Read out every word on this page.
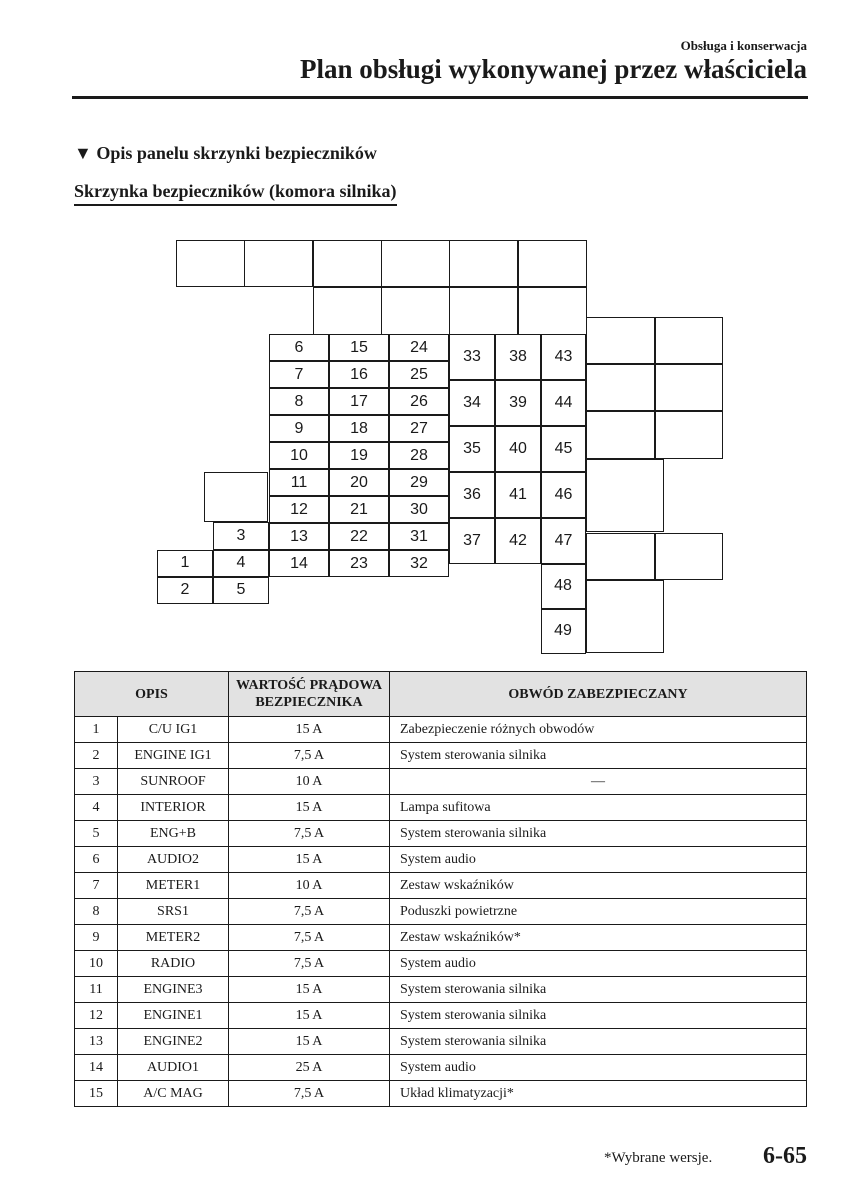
Obsługa i konserwacja
Plan obsługi wykonywanej przez właściciela
▼ Opis panelu skrzynki bezpieczników
Skrzynka bezpieczników (komora silnika)
1
2
3
4
5
6
7
8
9
10
11
12
13
14
15
16
17
18
19
20
21
22
23
24
25
26
27
28
29
30
31
32
33
34
35
36
37
38
39
40
41
42
43
44
45
46
47
48
49
OPIS		WARTOŚĆ PRĄDOWA
BEZPIECZNIKA	OBWÓD ZABEZPIECZANY
1	C/U IG1	15 A	Zabezpieczenie różnych obwodów
2	ENGINE IG1	7,5 A	System sterowania silnika
3	SUNROOF	10 A	—
4	INTERIOR	15 A	Lampa sufitowa
5	ENG+B	7,5 A	System sterowania silnika
6	AUDIO2	15 A	System audio
7	METER1	10 A	Zestaw wskaźników
8	SRS1	7,5 A	Poduszki powietrzne
9	METER2	7,5 A	Zestaw wskaźników*
10	RADIO	7,5 A	System audio
11	ENGINE3	15 A	System sterowania silnika
12	ENGINE1	15 A	System sterowania silnika
13	ENGINE2	15 A	System sterowania silnika
14	AUDIO1	25 A	System audio
15	A/C MAG	7,5 A	Układ klimatyzacji*
*Wybrane wersje. 6-65
